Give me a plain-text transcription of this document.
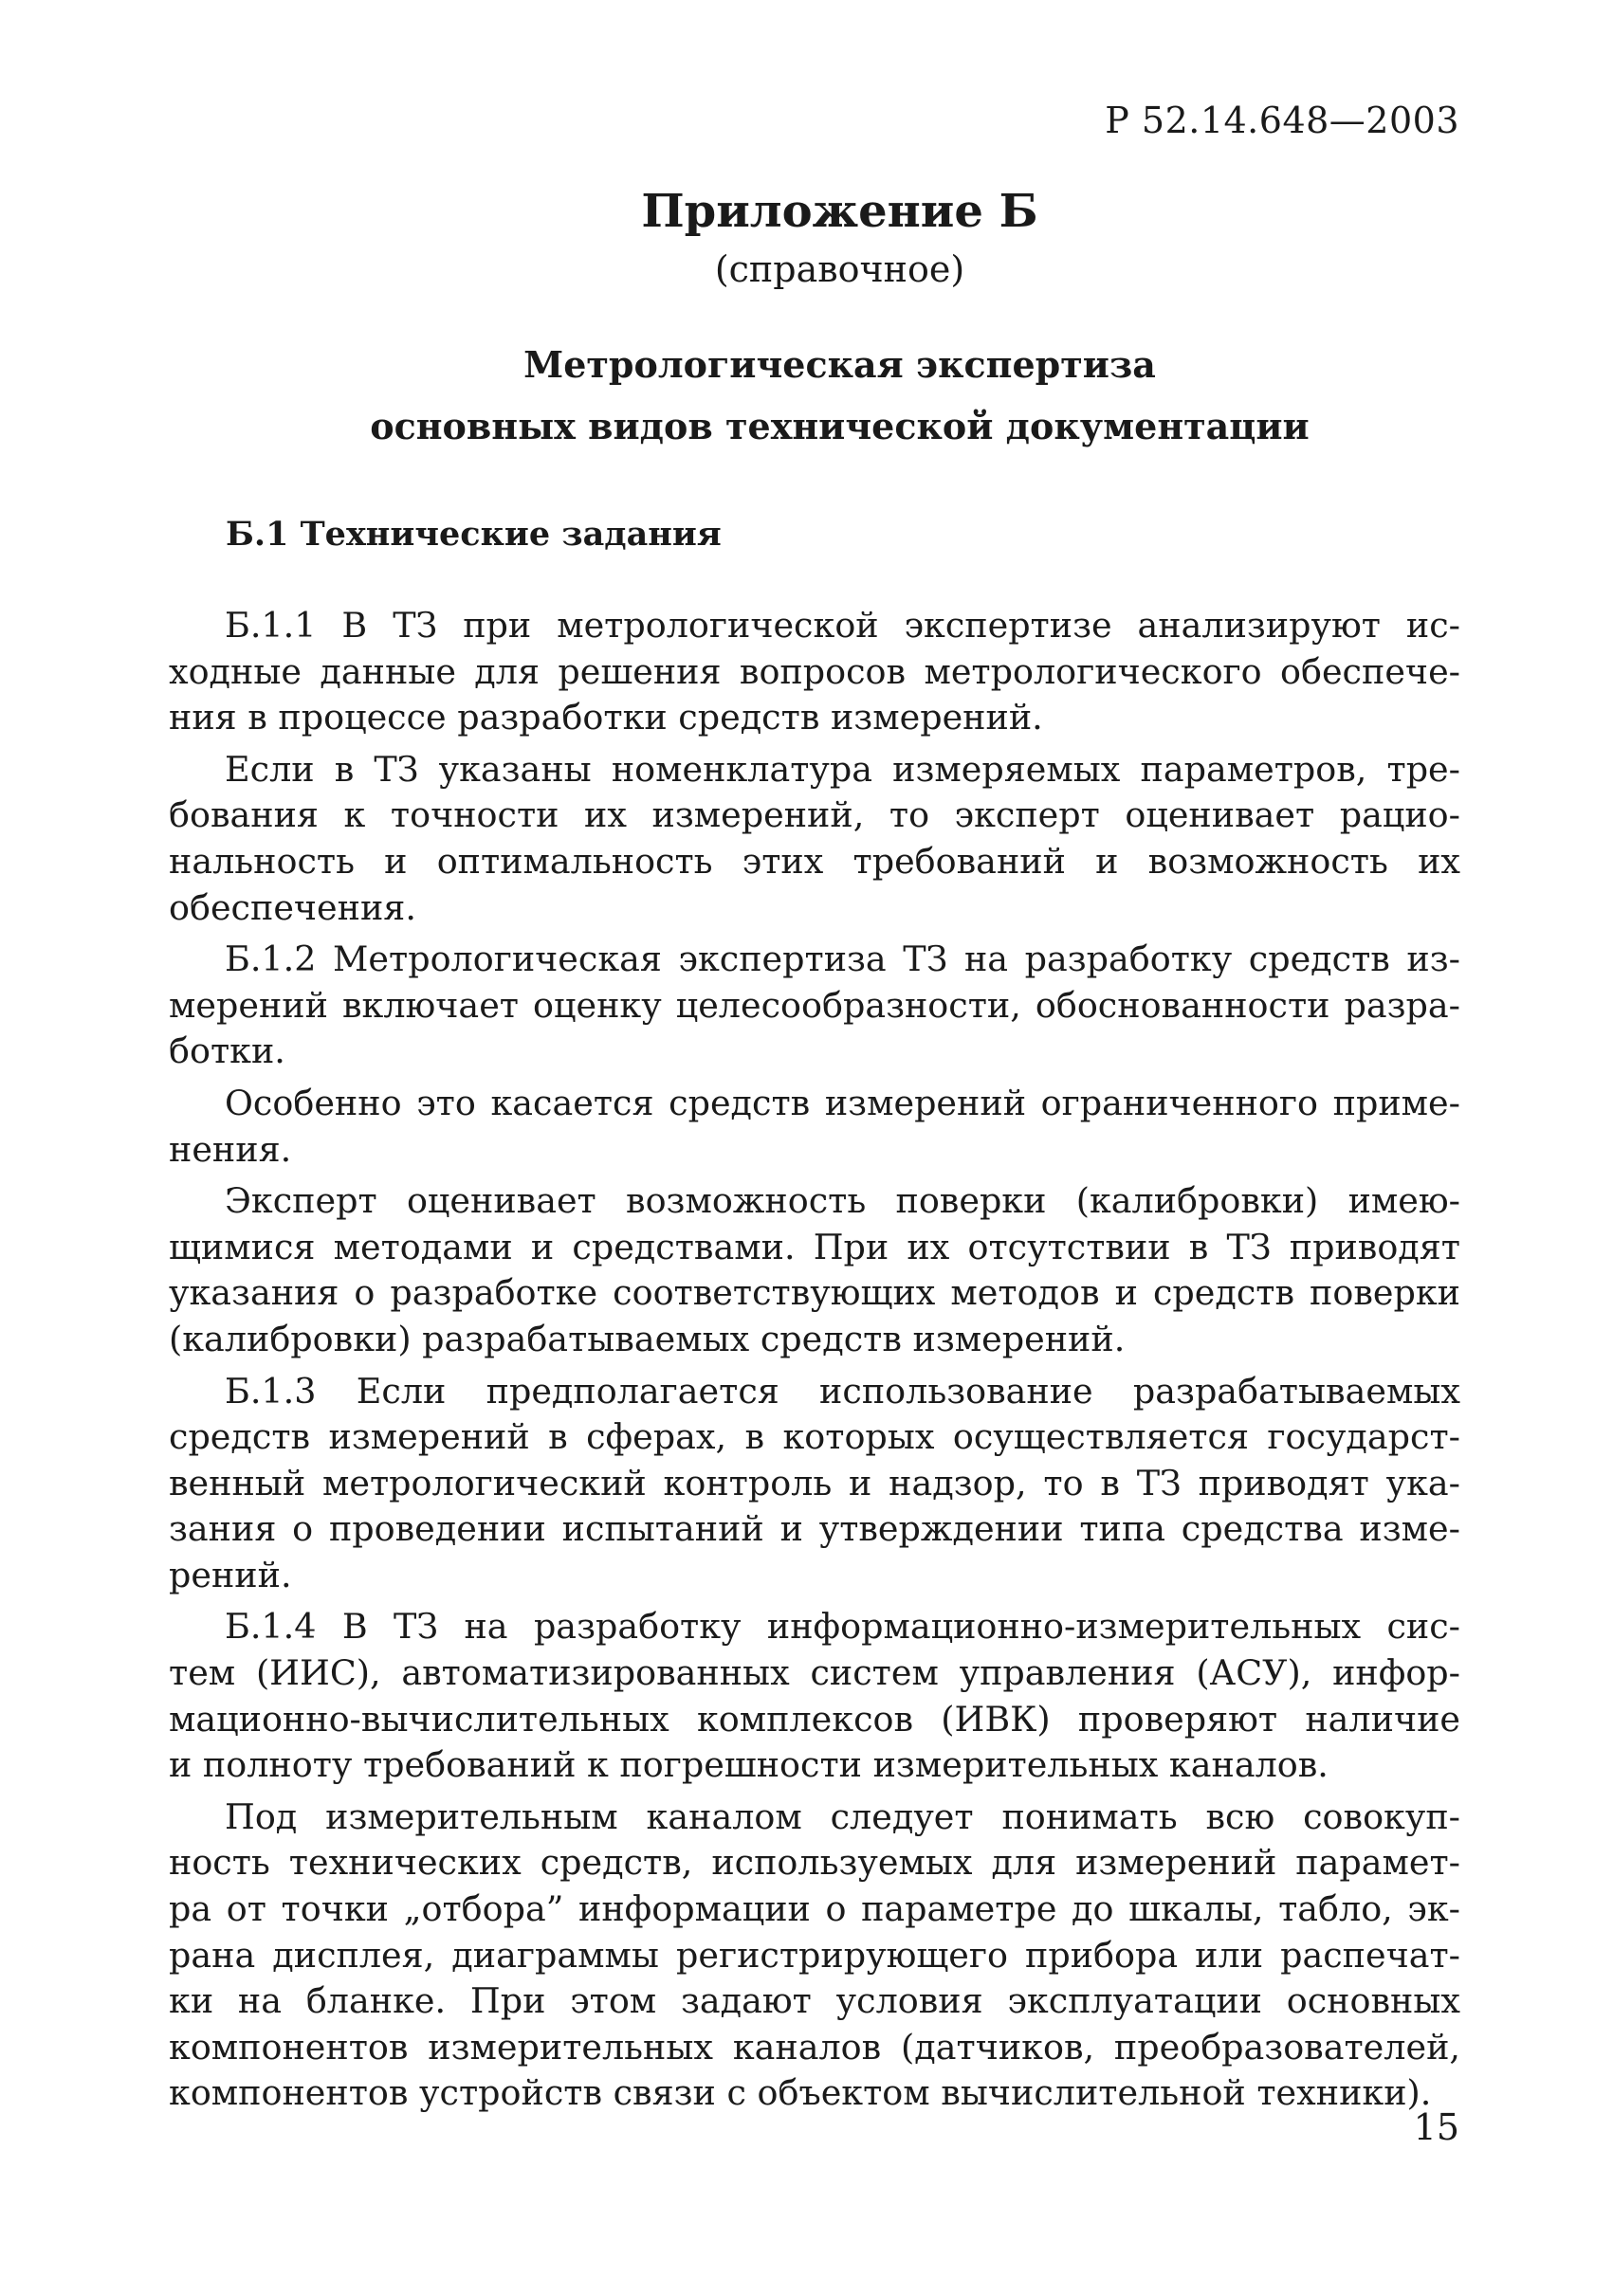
Р 52.14.648—2003
Приложение Б
(справочное)
Метрологическая экспертиза
основных видов технической документации
Б.1 Технические задания
Б.1.1 В ТЗ при метрологической экспертизе анализируют ис-
ходные данные для решения вопросов метрологического обеспече-
ния в процессе разработки средств измерений.
Если в ТЗ указаны номенклатура измеряемых параметров, тре-
бования к точности их измерений, то эксперт оценивает рацио-
нальность и оптимальность этих требований и возможность их
обеспечения.
Б.1.2 Метрологическая экспертиза ТЗ на разработку средств из-
мерений включает оценку целесообразности, обоснованности разра-
ботки.
Особенно это касается средств измерений ограниченного приме-
нения.
Эксперт оценивает возможность поверки (калибровки) имею-
щимися методами и средствами. При их отсутствии в ТЗ приводят
указания о разработке соответствующих методов и средств поверки
(калибровки) разрабатываемых средств измерений.
Б.1.3 Если предполагается использование разрабатываемых
средств измерений в сферах, в которых осуществляется государст-
венный метрологический контроль и надзор, то в ТЗ приводят ука-
зания о проведении испытаний и утверждении типа средства изме-
рений.
Б.1.4 В ТЗ на разработку информационно-измерительных сис-
тем (ИИС), автоматизированных систем управления (АСУ), инфор-
мационно-вычислительных комплексов (ИВК) проверяют наличие
и полноту требований к погрешности измерительных каналов.
Под измерительным каналом следует понимать всю совокуп-
ность технических средств, используемых для измерений парамет-
ра от точки „отбора” информации о параметре до шкалы, табло, эк-
рана дисплея, диаграммы регистрирующего прибора или распечат-
ки на бланке. При этом задают условия эксплуатации основных
компонентов измерительных каналов (датчиков, преобразователей,
компонентов устройств связи с объектом вычислительной техники).
15
